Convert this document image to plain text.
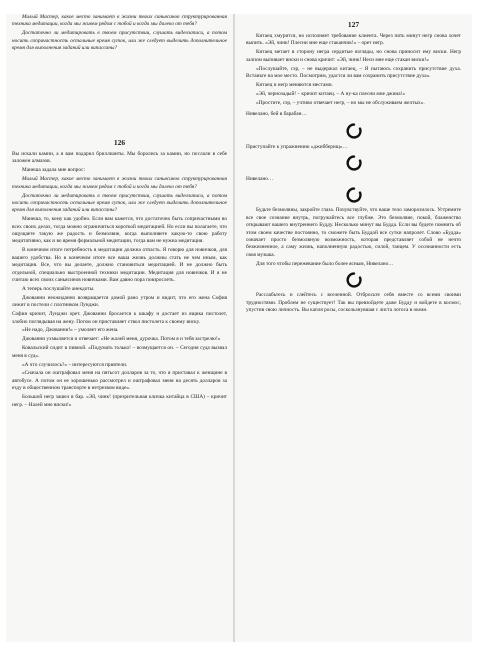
Милый Мастер, какое место занимает в жизни твоих саньясинов структурированная техника медитации, когда мы живем рядом с тобой и когда мы далеко от тебя?

Достаточно ли медитировать в твоем присутствии, слушать видеозаписи, а потом носить сопричастность остальные время суток, или же следует выделить дополнительное время для выполнения заданий или випассаны?

126

Вы искали камни, а я вам подарил бриллианты. Мы боролись за камни, но послали в себе заложен алмазов.

Манеша задала мне вопрос:

Милый Мастер, какое место занимает в жизни твоих саньясинов структурированная техника медитации, когда мы живем рядом с тобой и когда мы далеко от тебя?

Достаточно ли медитировать в твоем присутствии, слушать видеозаписи, а потом носить сопричастность остальные время суток, или же следует выделить дополнительное время для выполнения заданий или випассаны?

Манеша, то, кому как удобно. Если вам кажется, что достаточно быть сопричастными во всех своих делах, тогда можно ограничиться короткой медитацией. Но если вы полагаете, что ощущаете такую же радость и безмолвие, когда выполняете какую-то свою работу медитативно, как и во время формальной медитации, тогда вам не нужна медитация.

В конечном итоге потребность в медитации должна отпасть. Я говорю для новичков, для вашего удобства. Но в конечном итоге все ваша жизнь должны стать не чем иным, как медитация. Все, что вы делаете, должно становиться медитацией. И не должно быть отдельной, специально выстроенной техники медитации. Медитация для новичков. И я не считаю всех своих саньясинов новичками. Вам давно пора повзрослеть.

А теперь послушайте анекдоты.

Джованни неожиданно возвращается домой рано утром и видит, что его жена София лежит в постели с плотником Лунджи.

София кричит, Лунджи орет. Джованни бросается к шкафу и достает из ящика пистолет, злобно поглядывая на жену. Потом он приставляет ствол пистолета к своему виску.

«Не надо, Джованни!» – умоляет его жена.

Джованни ухмыляется и отвечает: «Не жалей меня, дурочка. Потом я и тебя застрелю!»

Ковальский сидит в пивной. «Подумать только! – возмущается он. – Сегодня суда вызвал меня в суд».

«А что случилось?» – интересуются приятели.

«Сначала он оштрафовал меня на пятьсот долларов за то, что я приставал к женщине в автобусе. А потом он ее хорошенько рассмотрел и оштрафовал меня на десять долларов за езду в общественном транспорте в нетрезвом виде».

Большой негр зашел в бар. «Эй, чинк! (презрительная кличка китайца в США) – кричит негр. – Налей мне виски!»

127

Китаец хмурится, но исполняет требование клиента. Через пять минут негр снова хочет выпить. «Эй, чинк! Плесни мне еще стаканчик!» – орет негр.

Китаец метает в сторону негра сердитые взгляды, но снова приносит ему виски. Негр залпом выпивает виски и снова кричит: «Эй, чинк! Неси мне еще стакан виски!»

«Послушайте, сэр, – не выдержал китаец, – Я пытаюсь сохранить присутствие духа. Встаньте на мое место. Посмотрим, удастся ли вам сохранить присутствие духа».

Китаец и негр меняются местами.

«Эй, чернозадый! – кричит китаец. – А ну-ка плесни мне джина!»

«Простите, сэр, – учтиво отвечает негр, – но мы не обслуживаем желтых».

Нивелано, бей в барабан…

Приступайте к упражнению «джибберищ»…

Нивелано…

Будьте безмолвны, закройте глаза. Почувствуйте, что ваше тело заморозилось. Устремите все свое сознание внутрь, погружайтесь все глубже. Это безмолвие, покой, блаженство открывают вашего внутреннего Будду. Несколько минут вы Будда. Если вы будете помнить об этом своем качестве постоянно, то сможете быть Буддой все сутки напролет. Слово «Будда» означает просто безмолвную возможность, которая представляет собой не нечто безжизненное, а саму жизнь, наполненную радостью, силой, танцем. У осознанности есть своя музыка.

Для того чтобы пережевание было более ясным, Нивелано…

Расслабьтесь и слейтесь с вселенной. Отбросьте себя вместе со всеми своими трудностями. Проблем не существует! Так вы превзойдете даже Будду и войдете в космос, упустив свою личность. Вы капля росы, соскользнувшая с листа лотоса в океан.
